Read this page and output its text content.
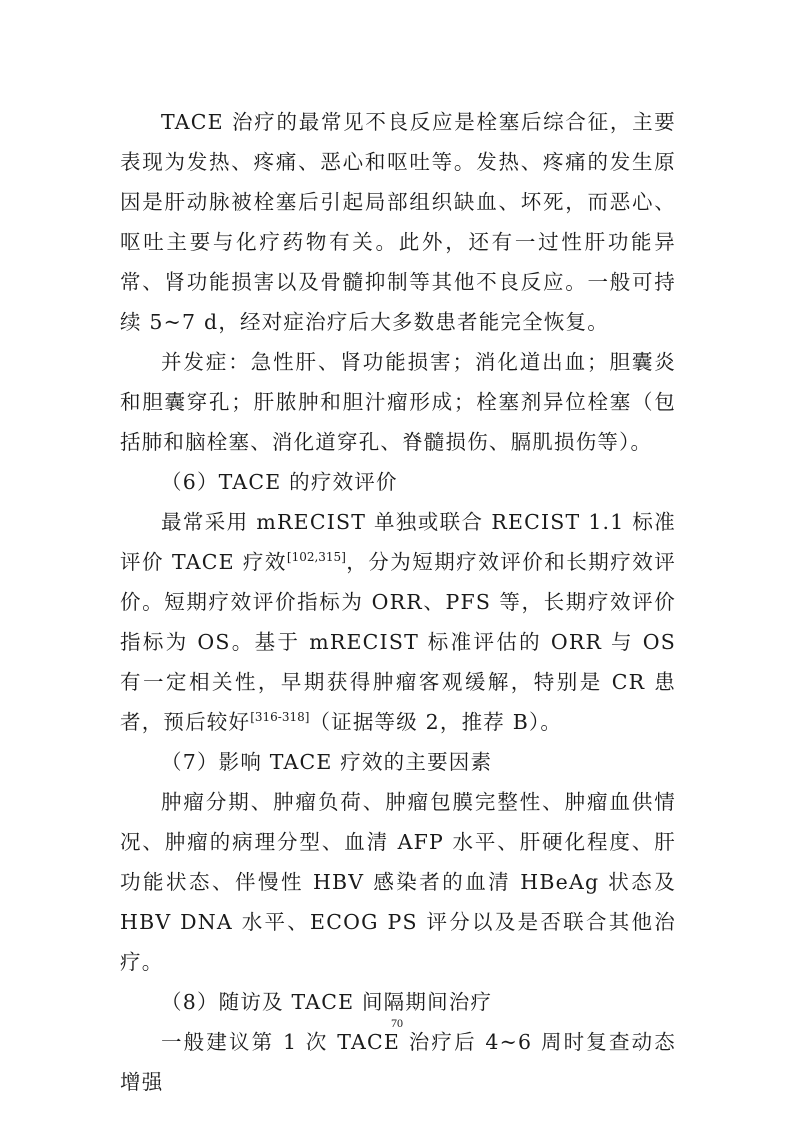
TACE 治疗的最常见不良反应是栓塞后综合征，主要表现为发热、疼痛、恶心和呕吐等。发热、疼痛的发生原因是肝动脉被栓塞后引起局部组织缺血、坏死，而恶心、呕吐主要与化疗药物有关。此外，还有一过性肝功能异常、肾功能损害以及骨髓抑制等其他不良反应。一般可持续 5~7 d，经对症治疗后大多数患者能完全恢复。

并发症：急性肝、肾功能损害；消化道出血；胆囊炎和胆囊穿孔；肝脓肿和胆汁瘤形成；栓塞剂异位栓塞（包括肺和脑栓塞、消化道穿孔、脊髓损伤、膈肌损伤等）。

（6）TACE 的疗效评价

最常采用 mRECIST 单独或联合 RECIST 1.1 标准评价 TACE 疗效[102,315]，分为短期疗效评价和长期疗效评价。短期疗效评价指标为 ORR、PFS 等，长期疗效评价指标为 OS。基于 mRECIST 标准评估的 ORR 与 OS 有一定相关性，早期获得肿瘤客观缓解，特别是 CR 患者，预后较好[316-318]（证据等级 2，推荐 B）。

（7）影响 TACE 疗效的主要因素

肿瘤分期、肿瘤负荷、肿瘤包膜完整性、肿瘤血供情况、肿瘤的病理分型、血清 AFP 水平、肝硬化程度、肝功能状态、伴慢性 HBV 感染者的血清 HBeAg 状态及 HBV DNA 水平、ECOG PS 评分以及是否联合其他治疗。

（8）随访及 TACE 间隔期间治疗

一般建议第 1 次 TACE 治疗后 4~6 周时复查动态增强

70
